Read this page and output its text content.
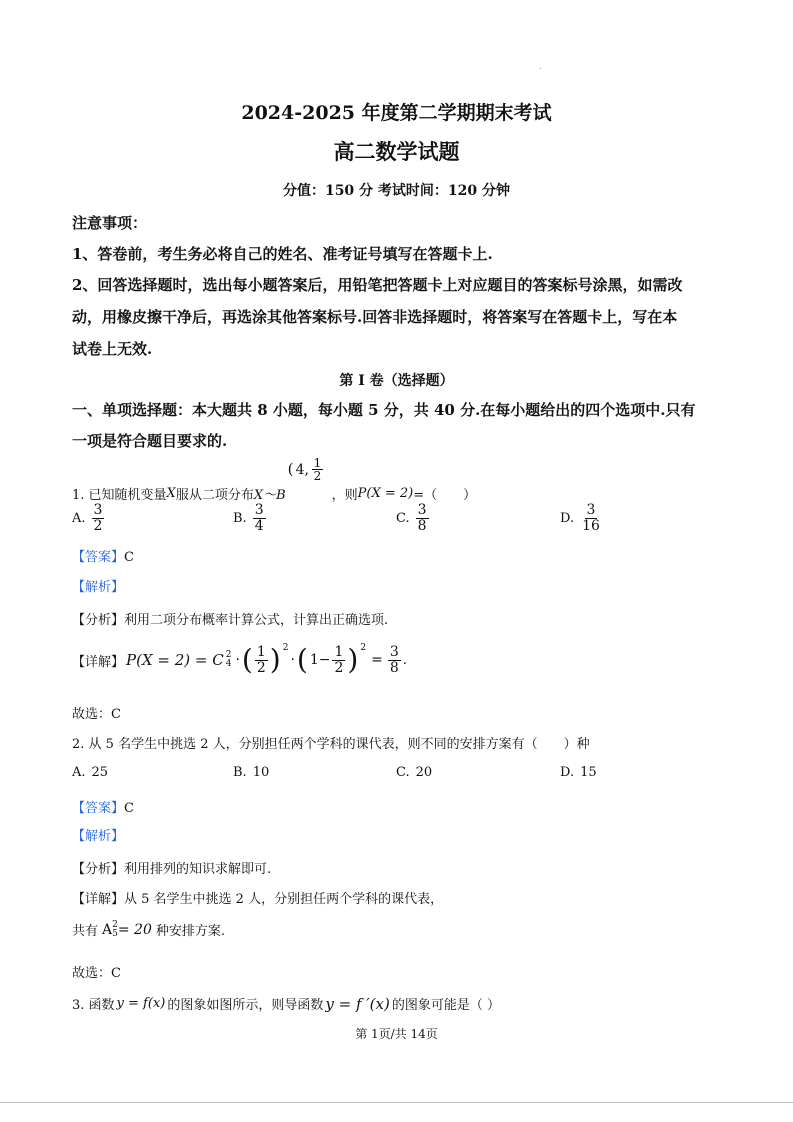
2024-2025 年度第二学期期末考试
高二数学试题
分值：150 分 考试时间：120 分钟
注意事项：
1、答卷前，考生务必将自己的姓名、准考证号填写在答题卡上.
2、回答选择题时，选出每小题答案后，用铅笔把答题卡上对应题目的答案标号涂黑，如需改
动，用橡皮擦干净后，再选涂其他答案标号.回答非选择题时，将答案写在答题卡上，写在本
试卷上无效.
第 I 卷（选择题）
一、单项选择题：本大题共 8 小题，每小题 5 分，共 40 分.在每小题给出的四个选项中.只有
一项是符合题目要求的.
1. 已知随机变量 X 服从二项分布 X～B
( 4, $\frac{1}{2}$
，则 P(X = 2) =（　　）
A. $\frac{3}{2}$	B. $\frac{3}{4}$	C. $\frac{3}{8}$	D. $\frac{3}{16}$
【答案】C
【解析】
【分析】利用二项分布概率计算公式，计算出正确选项.
【详解】 P(X = 2) = C 2
4 · ( $\frac{1}{2}$ ) 2
· ( $1- \frac{1}{2}$ ) 2
= $\frac{3}{8}$ .
故选：C
2. 从 5 名学生中挑选 2 人，分别担任两个学科的课代表，则不同的安排方案有（　　）种
A. 25	B. 10	C. 20	D. 15
【答案】C
【解析】
【分析】利用排列的知识求解即可.
【详解】从 5 名学生中挑选 2 人，分别担任两个学科的课代表，
共有 A 2
5 = 20 种安排方案.
故选：C
3. 函数 y = f(x) 的图象如图所示，则导函数 y = f ′(x) 的图象可能是（ ）
第 1页/共 14页
